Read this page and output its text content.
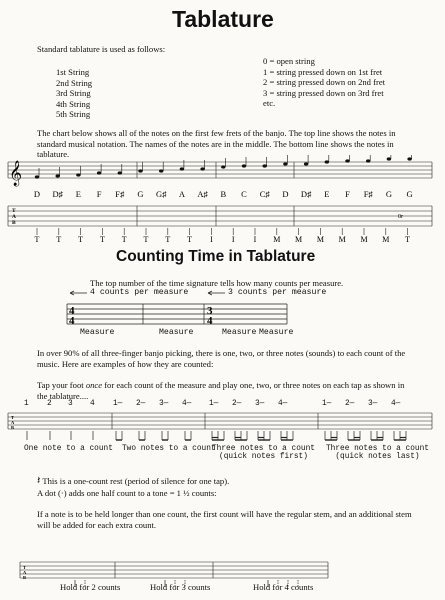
Tablature
Standard tablature is used as follows:
1st String
2nd String
3rd String
4th String
5th String
0 = open string
1 = string pressed down on 1st fret
2 = string pressed down on 2nd fret
3 = string pressed down on 3rd fret
etc.
The chart below shows all of the notes on the first few frets of the banjo. The top line shows the notes in standard musical notation. The names of the notes are in the middle. The bottom line shows the notes in tablature.
𝄞
D D♯ E F F♯ G G♯ A A♯ B C C♯ D D♯ E F F♯ G G
T
A
B
0r
T T T T T T T T I I I M M M M M M T
Counting Time in Tablature
The top number of the time signature tells how many counts per measure.
4
4
3
4
4 counts per measure	3 counts per measure
Measure	Measure	Measure Measure
In over 90% of all three-finger banjo picking, there is one, two, or three notes (sounds) to each count of the music. Here are examples of how they are counted:
Tap your foot once for each count of the measure and play one, two, or three notes on each tap as shown in the tablature....
1 2 3 4 1— 2— 3— 4— 1— 2— 3— 4—	1— 2— 3— 4—
T
A
B
One note to a count Two notes to a count
Three notes to a count
(quick notes first)
Three notes to a count
(quick notes last)
𝄽 This is a one-count rest (period of silence for one tap).
A dot (·) adds one half count to a tone = 1 ½ counts:
If a note is to be held longer than one count, the first count will have the regular stem, and an additional stem will be added for each extra count.
T
A
B
Hold for 2 counts	Hold for 3 counts	Hold for 4 counts
